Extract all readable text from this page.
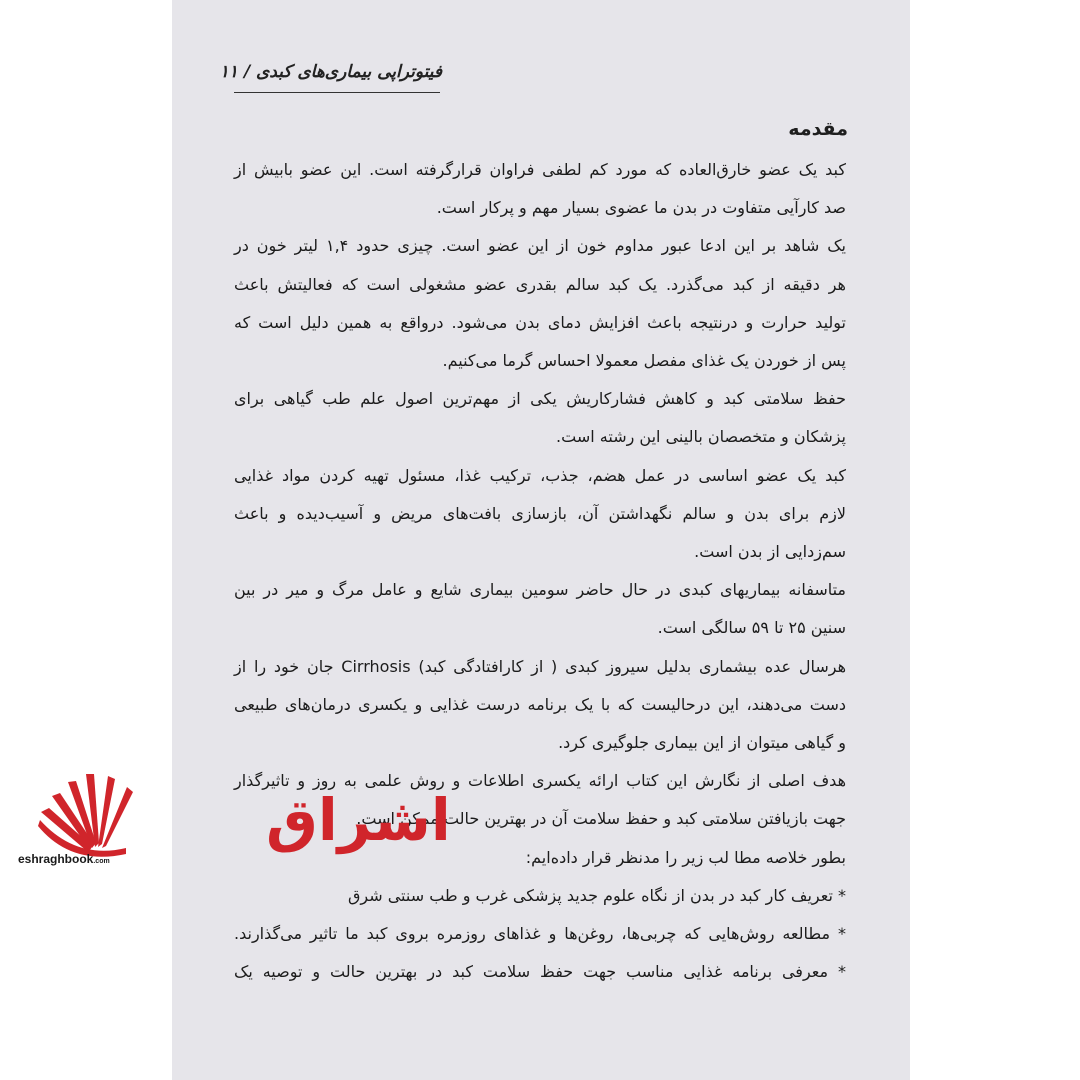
فیتوتراپی بیماری‌های کبدی / ۱۱
مقدمه
کبد یک عضو خارق‌العاده که مورد کم لطفی فراوان قرارگرفته است. این عضو بابیش از
صد کارآیی متفاوت در بدن ما عضوی بسیار مهم و پرکار است.
یک شاهد بر این ادعا عبور مداوم خون از این عضو است. چیزی حدود ۱,۴ لیتر خون در
هر دقیقه از کبد می‌گذرد. یک کبد سالم بقدری عضو مشغولی است که فعالیتش باعث
تولید حرارت و درنتیجه باعث افزایش دمای بدن می‌شود. درواقع به همین دلیل است که
پس از خوردن یک غذای مفصل معمولا احساس گرما می‌کنیم.
حفظ سلامتی کبد و کاهش فشارکاریش یکی از مهم‌ترین اصول علم طب گیاهی برای
پزشکان و متخصصان بالینی این رشته است.
کبد یک عضو اساسی در عمل هضم، جذب، ترکیب غذا، مسئول تهیه کردن مواد غذایی
لازم برای بدن و سالم نگهداشتن آن، بازسازی بافت‌های مریض و آسیب‌دیده و باعث
سم‌زدایی از بدن است.
متاسفانه بیماریهای کبدی در حال حاضر سومین بیماری شایع و عامل مرگ و میر در بین
سنین ۲۵ تا ۵۹ سالگی است.
هرسال عده بیشماری بدلیل سیروز کبدی ( از کارافتادگی کبد) Cirrhosis جان خود را از
دست می‌دهند، این درحالیست که با یک برنامه درست غذایی و یکسری درمان‌های طبیعی
و گیاهی میتوان از این بیماری جلوگیری کرد.
هدف اصلی از نگارش این کتاب ارائه یکسری اطلاعات و روش علمی به روز و تاثیرگذار
جهت بازیافتن سلامتی کبد و حفظ سلامت آن در بهترین حالت ممکن است.
بطور خلاصه مطا لب زیر را مدنظر قرار داده‌ایم:
* تعریف کار کبد در بدن از نگاه علوم جدید پزشکی غرب و طب سنتی شرق
* مطالعه روش‌هایی که چربی‌ها، روغن‌ها و غذاهای روزمره بروی کبد ما تاثیر می‌گذارند.
* معرفی برنامه غذایی مناسب جهت حفظ سلامت کبد در بهترین حالت و توصیه یک
اشراق
eshraghbook.com
